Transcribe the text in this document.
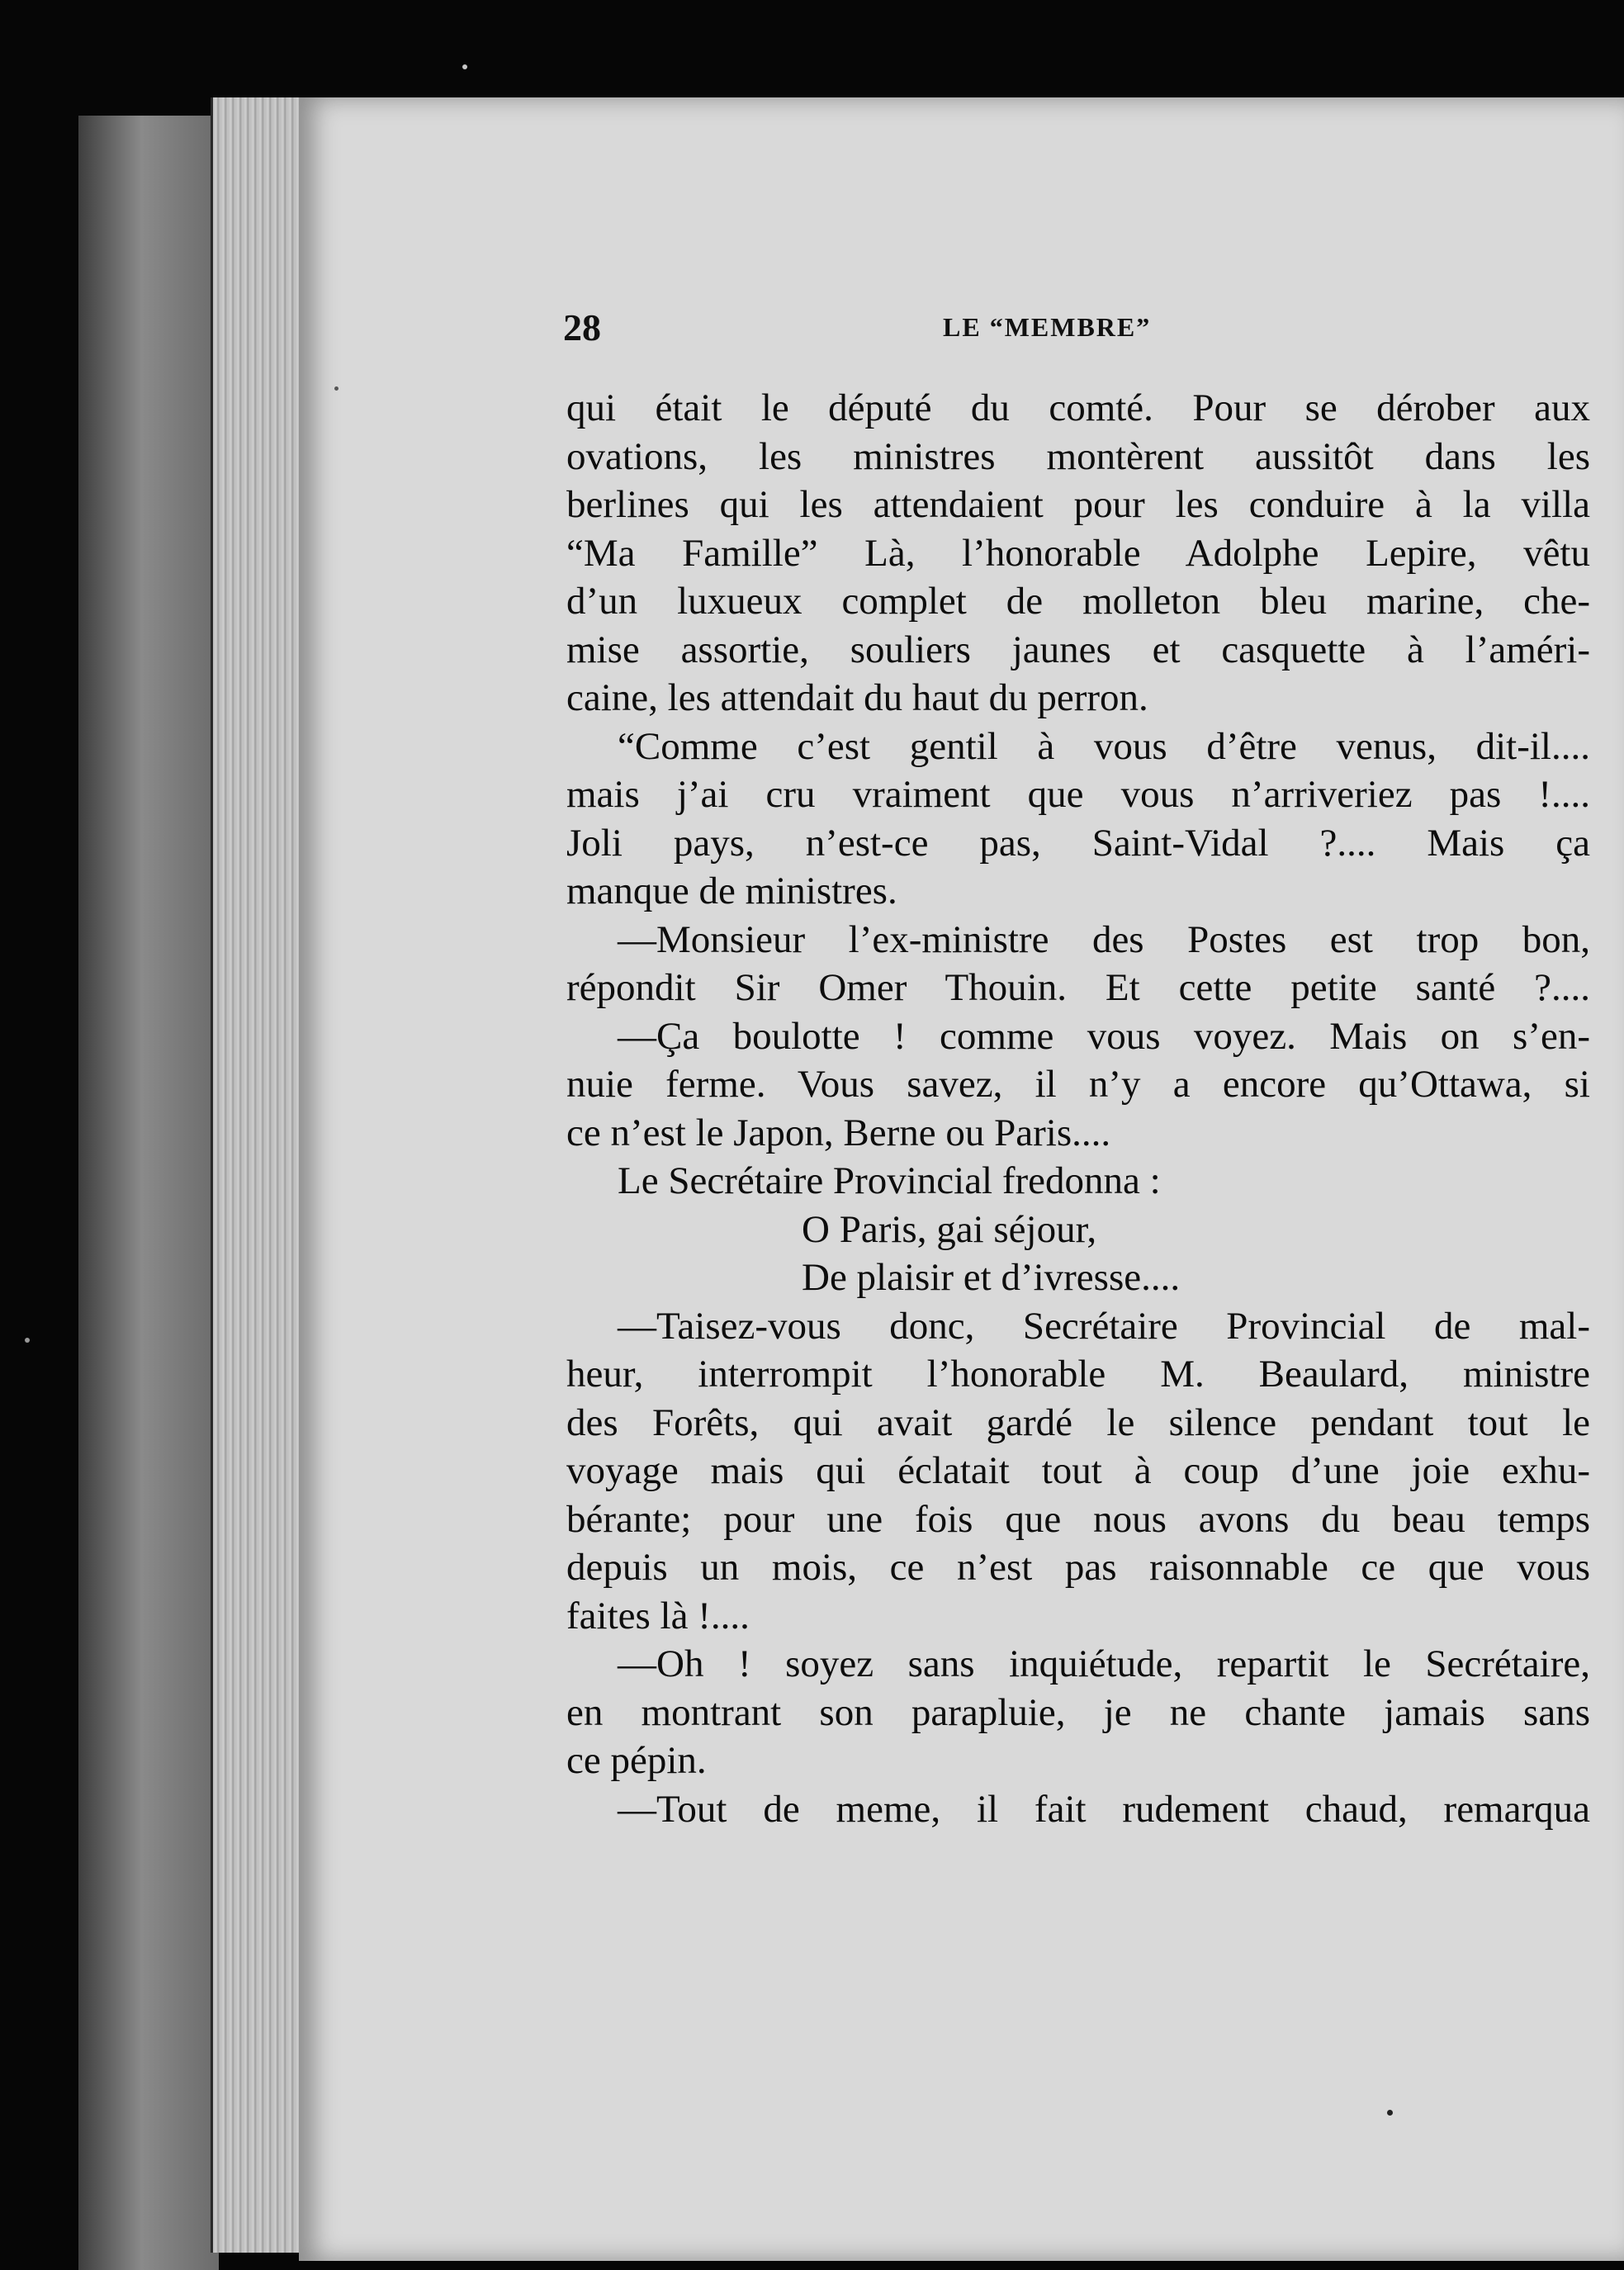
28	LE “MEMBRE”
qui était le député du comté. Pour se dérober aux
ovations, les ministres montèrent aussitôt dans les
berlines qui les attendaient pour les conduire à la villa
“Ma Famille” Là, l’honorable Adolphe Lepire, vêtu
d’un luxueux complet de molleton bleu marine, che-
mise assortie, souliers jaunes et casquette à l’améri-
caine, les attendait du haut du perron.
“Comme c’est gentil à vous d’être venus, dit-il....
mais j’ai cru vraiment que vous n’arriveriez pas !....
Joli pays, n’est-ce pas, Saint-Vidal ?.... Mais ça
manque de ministres.
—Monsieur l’ex-ministre des Postes est trop bon,
répondit Sir Omer Thouin. Et cette petite santé ?....
—Ça boulotte ! comme vous voyez. Mais on s’en-
nuie ferme. Vous savez, il n’y a encore qu’Ottawa, si
ce n’est le Japon, Berne ou Paris....
Le Secrétaire Provincial fredonna :
O Paris, gai séjour,
De plaisir et d’ivresse....
—Taisez-vous donc, Secrétaire Provincial de mal-
heur, interrompit l’honorable M. Beaulard, ministre
des Forêts, qui avait gardé le silence pendant tout le
voyage mais qui éclatait tout à coup d’une joie exhu-
bérante; pour une fois que nous avons du beau temps
depuis un mois, ce n’est pas raisonnable ce que vous
faites là !....
—Oh ! soyez sans inquiétude, repartit le Secrétaire,
en montrant son parapluie, je ne chante jamais sans
ce pépin.
—Tout de meme, il fait rudement chaud, remarqua
